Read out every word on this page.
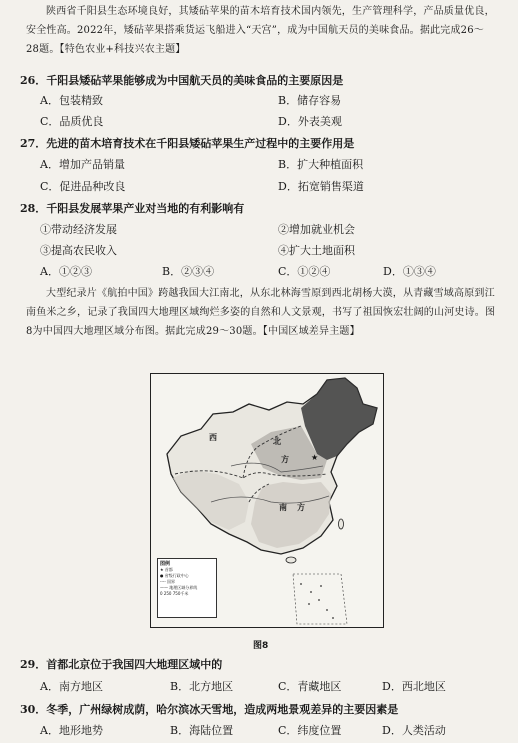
陕西省千阳县生态环境良好，其矮砧苹果的苗木培育技术国内领先，生产管理科学，产品质量优良，安全性高。2022年，矮砧苹果搭乘货运飞船进入“天宫”，成为中国航天员的美味食品。据此完成26～28题。【特色农业+科技兴农主题】
26．千阳县矮砧苹果能够成为中国航天员的美味食品的主要原因是
A．包装精致	B．储存容易
C．品质优良	D．外表美观
27．先进的苗木培育技术在千阳县矮砧苹果生产过程中的主要作用是
A．增加产品销量	B．扩大种植面积
C．促进品种改良	D．拓宽销售渠道
28．千阳县发展苹果产业对当地的有利影响有
①带动经济发展	②增加就业机会
③提高农民收入	④扩大土地面积
A．①②③	B．②③④	C．①②④	D．①③④
大型纪录片《航拍中国》跨越我国大江南北，从东北林海雪原到西北胡杨大漠，从青藏雪域高原到江南鱼米之乡，记录了我国四大地理区域绚烂多姿的自然和人文景观，书写了祖国恢宏壮阔的山河史诗。图8为中国四大地理区域分布图。据此完成29～30题。【中国区域差异主题】
★
西	北
方
南 方
图例
★ 首都
● 省级行政中心
---- 国界
—— 地理区域分界线
0 250 750千米
图8
29．首都北京位于我国四大地理区域中的
A．南方地区	B．北方地区	C．青藏地区	D．西北地区
30．冬季，广州绿树成荫，哈尔滨冰天雪地，造成两地景观差异的主要因素是
A．地形地势	B．海陆位置	C．纬度位置	D．人类活动
